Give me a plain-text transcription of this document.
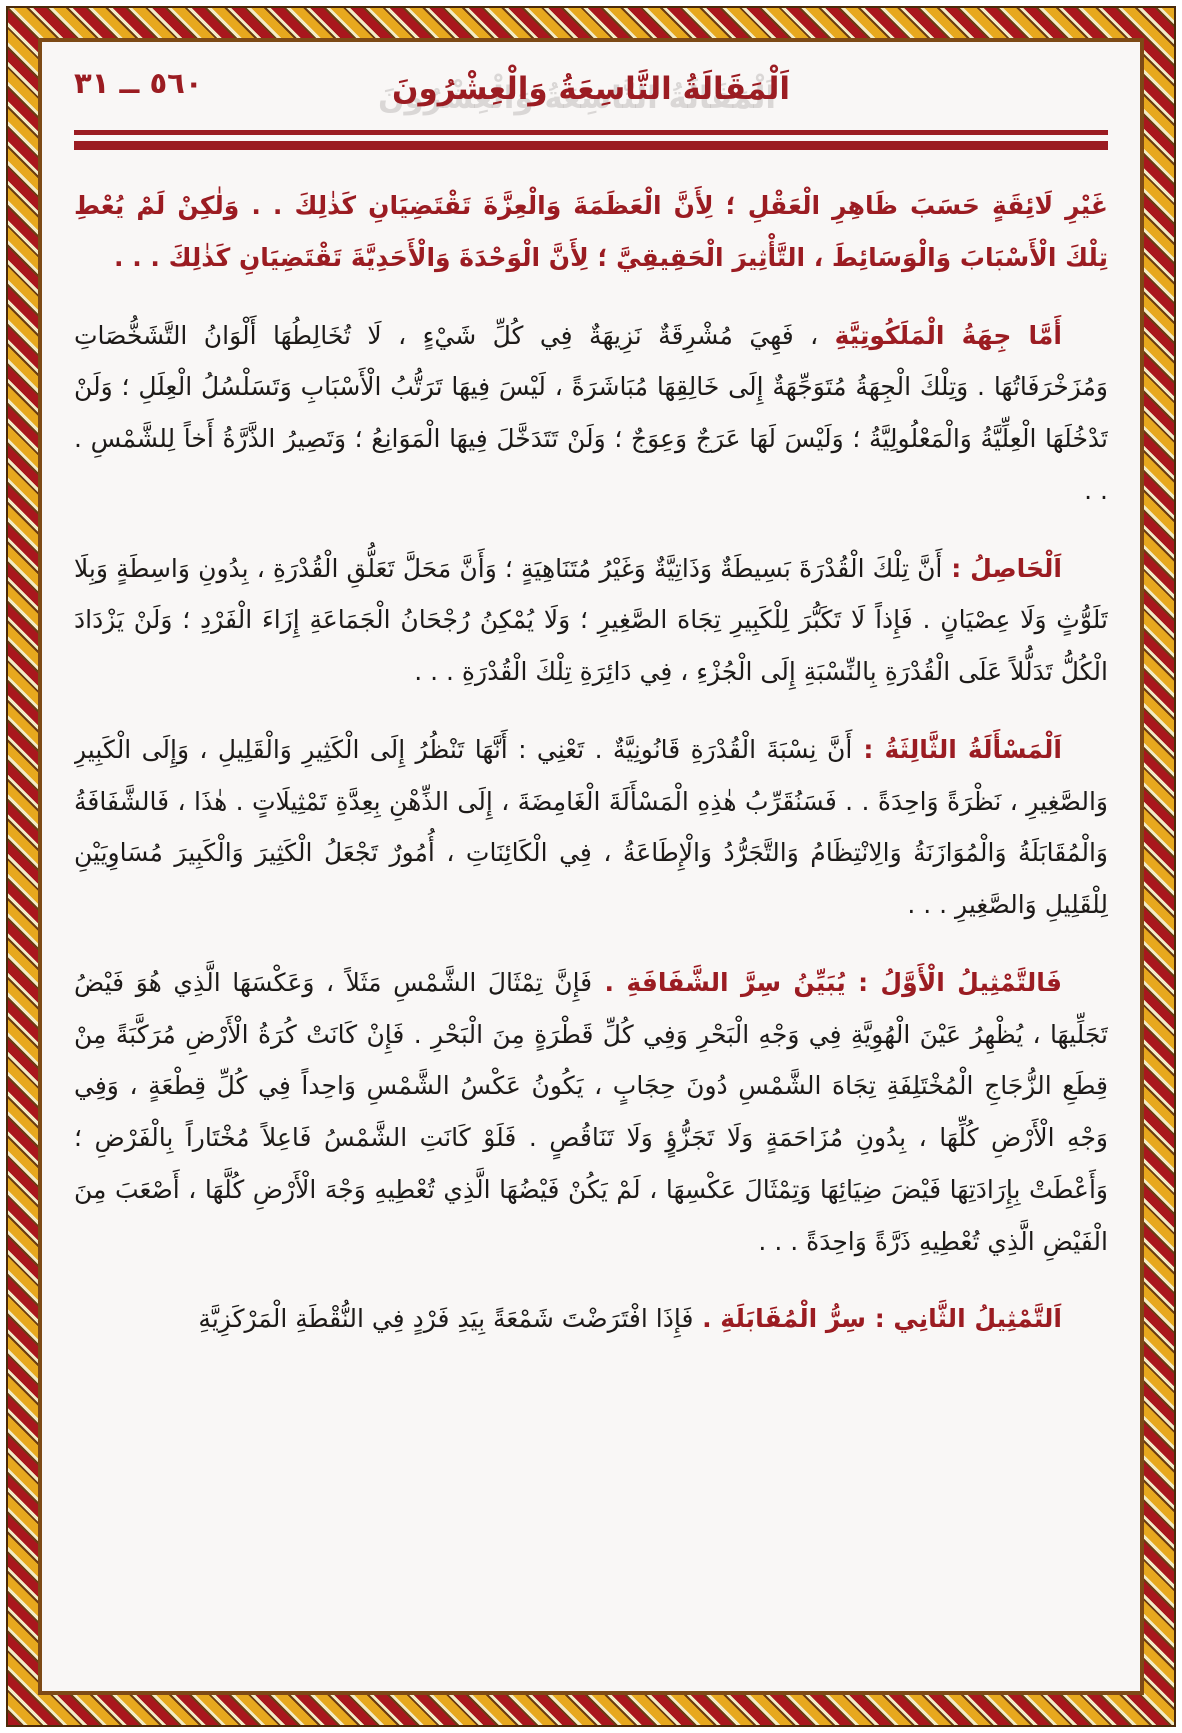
اَلْمَقَالَةُ التَّاسِعَةُ وَالْعِشْرُونَ
٥٦٠ ــ ٣١

غَيْرِ لَائِقَةٍ حَسَبَ ظَاهِرِ الْعَقْلِ ؛ لِأَنَّ الْعَظَمَةَ وَالْعِزَّةَ تَقْتَضِيَانِ كَذٰلِكَ . . وَلٰكِنْ لَمْ يُعْطِ تِلْكَ الْأَسْبَابَ وَالْوَسَائِطَ ، التَّأْثِيرَ الْحَقِيقِيَّ ؛ لِأَنَّ الْوَحْدَةَ وَالْأَحَدِيَّةَ تَقْتَضِيَانِ كَذٰلِكَ . . .

أَمَّا جِهَةُ الْمَلَكُوتِيَّةِ ، فَهِيَ مُشْرِقَةٌ نَزِيهَةٌ فِي كُلِّ شَيْءٍ ، لَا تُخَالِطُهَا أَلْوَانُ التَّشَخُّصَاتِ وَمُزَخْرَفَاتُهَا . وَتِلْكَ الْجِهَةُ مُتَوَجِّهَةٌ إِلَى خَالِقِهَا مُبَاشَرَةً ، لَيْسَ فِيهَا تَرَتُّبُ الْأَسْبَابِ وَتَسَلْسُلُ الْعِلَلِ ؛ وَلَنْ تَدْخُلَهَا الْعِلِّيَّةُ وَالْمَعْلُولِيَّةُ ؛ وَلَيْسَ لَهَا عَرَجٌ وَعِوَجٌ ؛ وَلَنْ تَتَدَخَّلَ فِيهَا الْمَوَانِعُ ؛ وَتَصِيرُ الذَّرَّةُ أَخاً لِلشَّمْسِ . . .

اَلْحَاصِلُ : أَنَّ تِلْكَ الْقُدْرَةَ بَسِيطَةٌ وَذَاتِيَّةٌ وَغَيْرُ مُتَنَاهِيَةٍ ؛ وَأَنَّ مَحَلَّ تَعَلُّقِ الْقُدْرَةِ ، بِدُونِ وَاسِطَةٍ وَبِلَا تَلَوُّثٍ وَلَا عِصْيَانٍ . فَإِذاً لَا تَكَبُّرَ لِلْكَبِيرِ تِجَاهَ الصَّغِيرِ ؛ وَلَا يُمْكِنُ رُجْحَانُ الْجَمَاعَةِ إِزَاءَ الْفَرْدِ ؛ وَلَنْ يَزْدَادَ الْكُلُّ تَدَلُّلاً عَلَى الْقُدْرَةِ بِالنِّسْبَةِ إِلَى الْجُزْءِ ، فِي دَائِرَةِ تِلْكَ الْقُدْرَةِ . . .

اَلْمَسْأَلَةُ الثَّالِثَةُ : أَنَّ نِسْبَةَ الْقُدْرَةِ قَانُونِيَّةٌ . تَعْنِي : أَنَّهَا تَنْظُرُ إِلَى الْكَثِيرِ وَالْقَلِيلِ ، وَإِلَى الْكَبِيرِ وَالصَّغِيرِ ، نَظْرَةً وَاحِدَةً . . فَسَنُقَرِّبُ هٰذِهِ الْمَسْأَلَةَ الْغَامِضَةَ ، إِلَى الذِّهْنِ بِعِدَّةِ تَمْثِيلَاتٍ . هٰذَا ، فَالشَّفَافَةُ وَالْمُقَابَلَةُ وَالْمُوَازَنَةُ وَالِانْتِظَامُ وَالتَّجَرُّدُ وَالْإِطَاعَةُ ، فِي الْكَائِنَاتِ ، أُمُورٌ تَجْعَلُ الْكَثِيرَ وَالْكَبِيرَ مُسَاوِيَيْنِ لِلْقَلِيلِ وَالصَّغِيرِ . . .

فَالتَّمْثِيلُ الْأَوَّلُ : يُبَيِّنُ سِرَّ الشَّفَافَةِ . فَإِنَّ تِمْثَالَ الشَّمْسِ مَثَلاً ، وَعَكْسَهَا الَّذِي هُوَ فَيْضُ تَجَلِّيهَا ، يُظْهِرُ عَيْنَ الْهُوِيَّةِ فِي وَجْهِ الْبَحْرِ وَفِي كُلِّ قَطْرَةٍ مِنَ الْبَحْرِ . فَإِنْ كَانَتْ كُرَةُ الْأَرْضِ مُرَكَّبَةً مِنْ قِطَعِ الزُّجَاجِ الْمُخْتَلِفَةِ تِجَاهَ الشَّمْسِ دُونَ حِجَابٍ ، يَكُونُ عَكْسُ الشَّمْسِ وَاحِداً فِي كُلِّ قِطْعَةٍ ، وَفِي وَجْهِ الْأَرْضِ كُلِّهَا ، بِدُونِ مُزَاحَمَةٍ وَلَا تَجَزُّؤٍ وَلَا تَنَاقُصٍ . فَلَوْ كَانَتِ الشَّمْسُ فَاعِلاً مُخْتَاراً بِالْفَرْضِ ؛ وَأَعْطَتْ بِإِرَادَتِهَا فَيْضَ ضِيَائِهَا وَتِمْثَالَ عَكْسِهَا ، لَمْ يَكُنْ فَيْضُهَا الَّذِي تُعْطِيهِ وَجْهَ الْأَرْضِ كُلَّهَا ، أَصْعَبَ مِنَ الْفَيْضِ الَّذِي تُعْطِيهِ ذَرَّةً وَاحِدَةً . . .

اَلتَّمْثِيلُ الثَّانِي : سِرُّ الْمُقَابَلَةِ . فَإِذَا افْتَرَضْتَ شَمْعَةً بِيَدِ فَرْدٍ فِي النُّقْطَةِ الْمَرْكَزِيَّةِ
